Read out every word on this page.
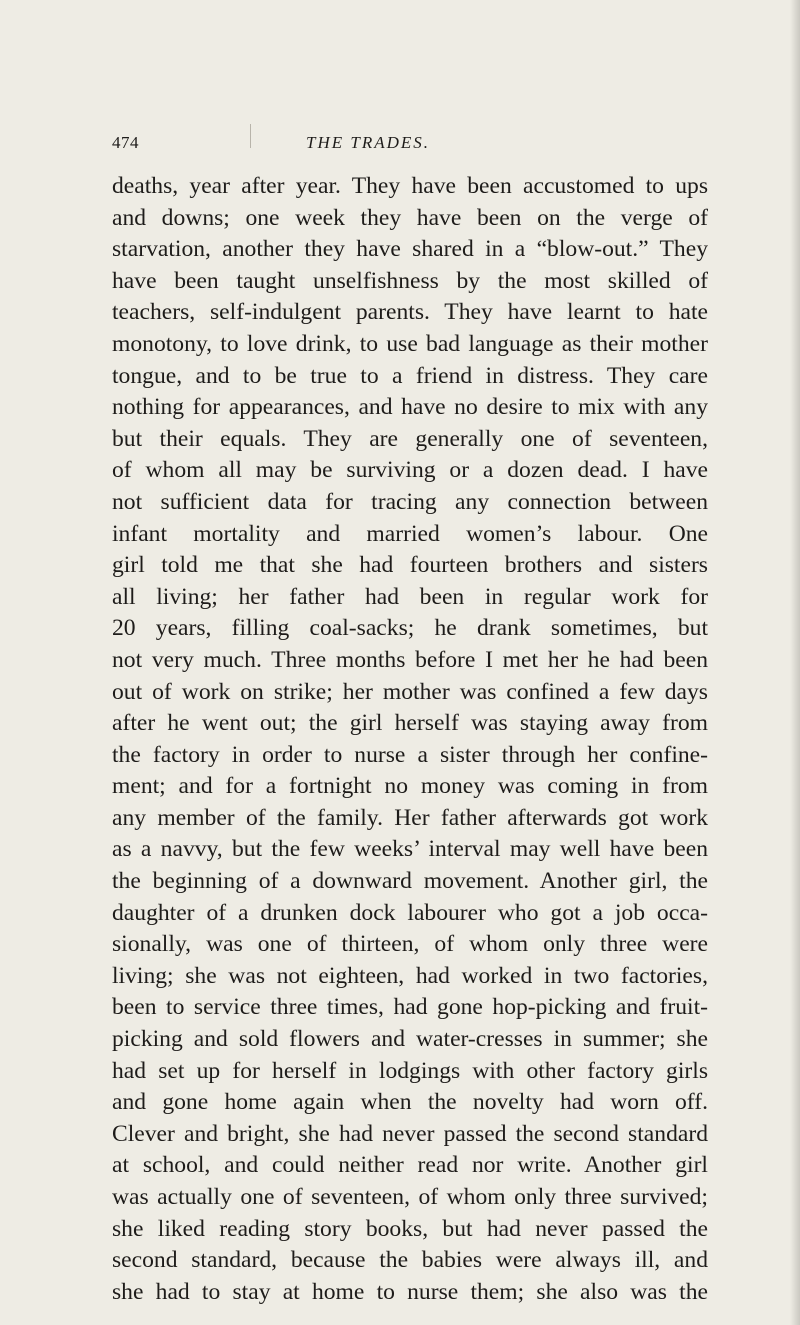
474	THE TRADES.
deaths, year after year. They have been accustomed to ups
and downs; one week they have been on the verge of
starvation, another they have shared in a “blow-out.” They
have been taught unselfishness by the most skilled of
teachers, self-indulgent parents. They have learnt to hate
monotony, to love drink, to use bad language as their mother
tongue, and to be true to a friend in distress. They care
nothing for appearances, and have no desire to mix with any
but their equals. They are generally one of seventeen,
of whom all may be surviving or a dozen dead. I have
not sufficient data for tracing any connection between
infant mortality and married women’s labour. One
girl told me that she had fourteen brothers and sisters
all living; her father had been in regular work for
20 years, filling coal-sacks; he drank sometimes, but
not very much. Three months before I met her he had been
out of work on strike; her mother was confined a few days
after he went out; the girl herself was staying away from
the factory in order to nurse a sister through her confine-
ment; and for a fortnight no money was coming in from
any member of the family. Her father afterwards got work
as a navvy, but the few weeks’ interval may well have been
the beginning of a downward movement. Another girl, the
daughter of a drunken dock labourer who got a job occa-
sionally, was one of thirteen, of whom only three were
living; she was not eighteen, had worked in two factories,
been to service three times, had gone hop-picking and fruit-
picking and sold flowers and water-cresses in summer; she
had set up for herself in lodgings with other factory girls
and gone home again when the novelty had worn off.
Clever and bright, she had never passed the second standard
at school, and could neither read nor write. Another girl
was actually one of seventeen, of whom only three survived;
she liked reading story books, but had never passed the
second standard, because the babies were always ill, and
she had to stay at home to nurse them; she also was the
